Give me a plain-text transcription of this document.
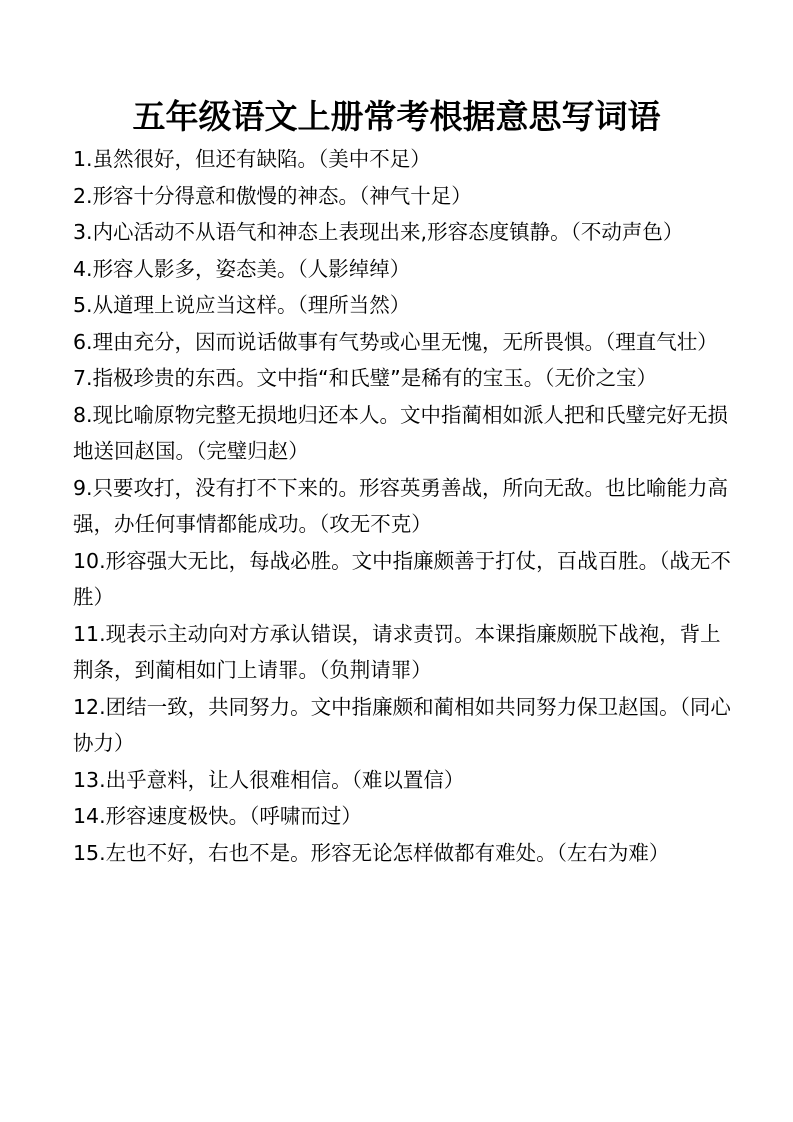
五年级语文上册常考根据意思写词语

1.虽然很好，但还有缺陷。（美中不足）

2.形容十分得意和傲慢的神态。（神气十足）

3.内心活动不从语气和神态上表现出来,形容态度镇静。（不动声色）

4.形容人影多，姿态美。（人影绰绰）

5.从道理上说应当这样。（理所当然）

6.理由充分，因而说话做事有气势或心里无愧，无所畏惧。（理直气壮）

7.指极珍贵的东西。文中指“和氏璧”是稀有的宝玉。（无价之宝）

8.现比喻原物完整无损地归还本人。文中指蔺相如派人把和氏璧完好无损地送回赵国。（完璧归赵）

9.只要攻打，没有打不下来的。形容英勇善战，所向无敌。也比喻能力高强，办任何事情都能成功。（攻无不克）

10.形容强大无比，每战必胜。文中指廉颇善于打仗，百战百胜。（战无不胜）

11.现表示主动向对方承认错误，请求责罚。本课指廉颇脱下战袍，背上荆条，到蔺相如门上请罪。（负荆请罪）

12.团结一致，共同努力。文中指廉颇和蔺相如共同努力保卫赵国。（同心协力）

13.出乎意料，让人很难相信。（难以置信）

14.形容速度极快。（呼啸而过）

15.左也不好，右也不是。形容无论怎样做都有难处。（左右为难）
